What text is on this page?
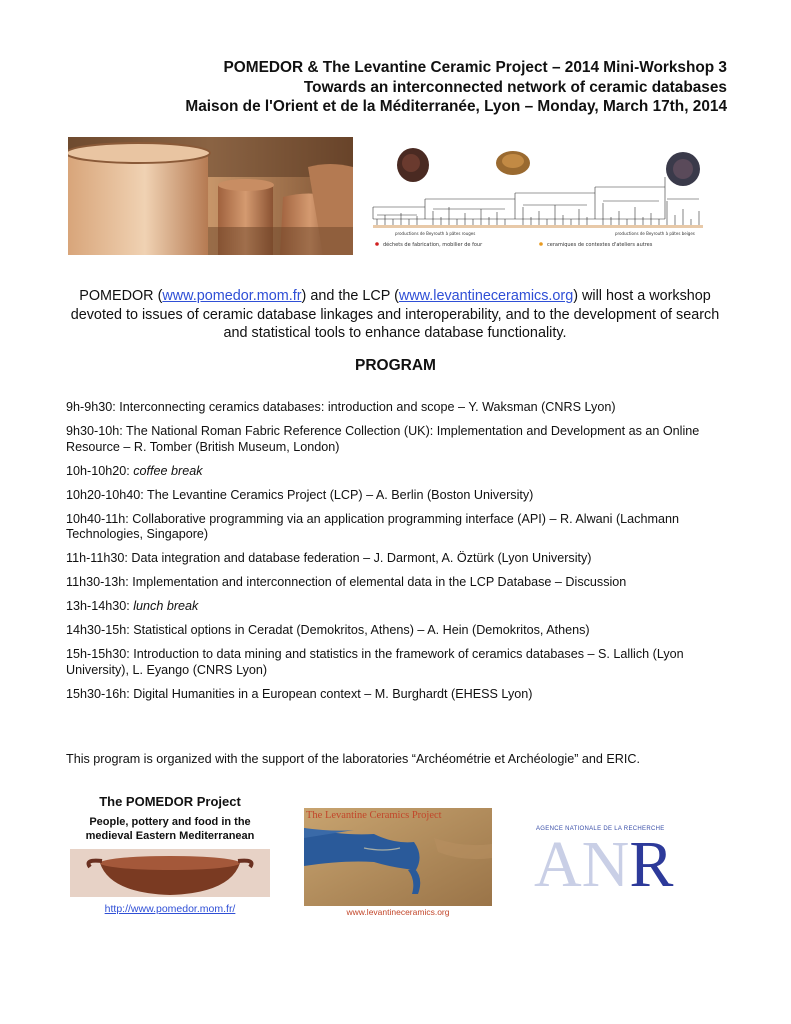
POMEDOR & The Levantine Ceramic Project – 2014 Mini-Workshop 3
Towards an interconnected network of ceramic databases
Maison de l'Orient et de la Méditerranée, Lyon – Monday, March 17th, 2014
productions de Beyrouth à pâtes rouges	productions de Beyrouth à pâtes beiges
déchets de fabrication, mobilier de four	ceramiques de contextes d'ateliers autres
POMEDOR (www.pomedor.mom.fr) and the LCP (www.levantineceramics.org) will host a workshop devoted to issues of ceramic database linkages and interoperability, and to the development of search and statistical tools to enhance database functionality.
PROGRAM
9h-9h30: Interconnecting ceramics databases: introduction and scope – Y. Waksman (CNRS Lyon)
9h30-10h: The National Roman Fabric Reference Collection (UK): Implementation and Development as an Online Resource – R. Tomber (British Museum, London)
10h-10h20: coffee break
10h20-10h40: The Levantine Ceramics Project (LCP) – A. Berlin (Boston University)
10h40-11h: Collaborative programming via an application programming interface (API) – R. Alwani (Lachmann Technologies, Singapore)
11h-11h30: Data integration and database federation – J. Darmont, A. Öztürk (Lyon University)
11h30-13h: Implementation and interconnection of elemental data in the LCP Database – Discussion
13h-14h30: lunch break
14h30-15h: Statistical options in Ceradat (Demokritos, Athens) – A. Hein (Demokritos, Athens)
15h-15h30: Introduction to data mining and statistics in the framework of ceramics databases – S. Lallich (Lyon University), L. Eyango (CNRS Lyon)
15h30-16h: Digital Humanities in a European context – M. Burghardt (EHESS Lyon)
This program is organized with the support of the laboratories “Archéométrie et Archéologie” and ERIC.
The POMEDOR Project
People, pottery and food in the
medieval Eastern Mediterranean
http://www.pomedor.mom.fr/
The Levantine Ceramics Project
www.levantineceramics.org
AGENCE NATIONALE DE LA RECHERCHE
ANR
